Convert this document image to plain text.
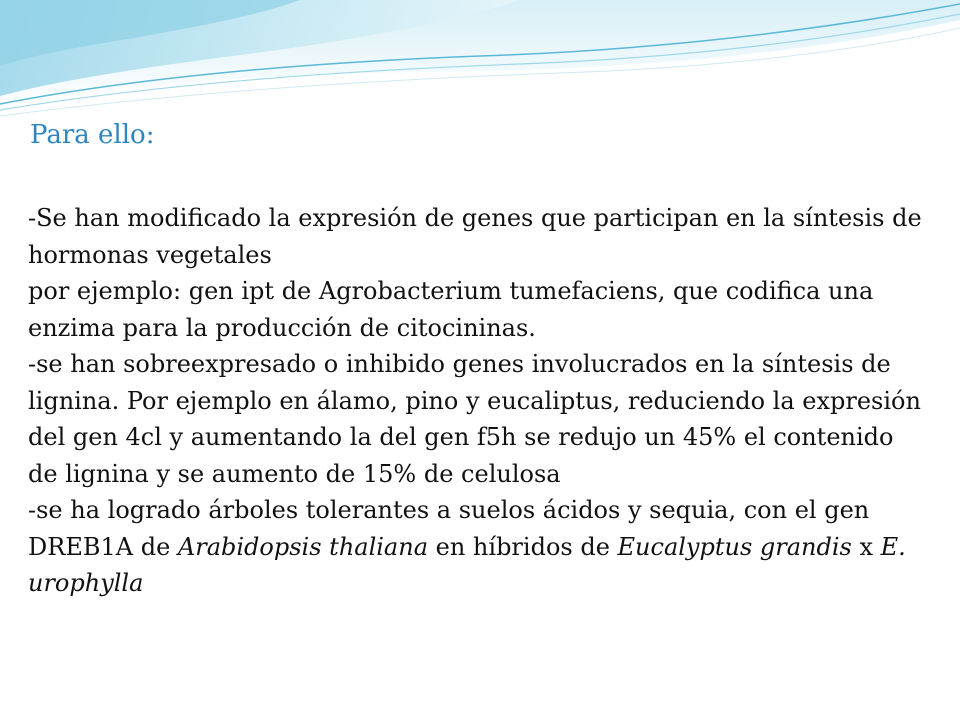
Para ello:

-Se han modificado la expresión de genes que participan en la síntesis de hormonas vegetales

por ejemplo: gen ipt de Agrobacterium tumefaciens, que codifica una enzima para la producción de citocininas.

-se han sobreexpresado o inhibido genes involucrados en la síntesis de lignina. Por ejemplo en álamo, pino y eucaliptus, reduciendo la expresión del gen 4cl y aumentando la del gen f5h se redujo un 45% el contenido de lignina y se aumento de 15% de celulosa

-se ha logrado árboles tolerantes a suelos ácidos y sequia, con el gen DREB1A de Arabidopsis thaliana en híbridos de Eucalyptus grandis x E. urophylla
